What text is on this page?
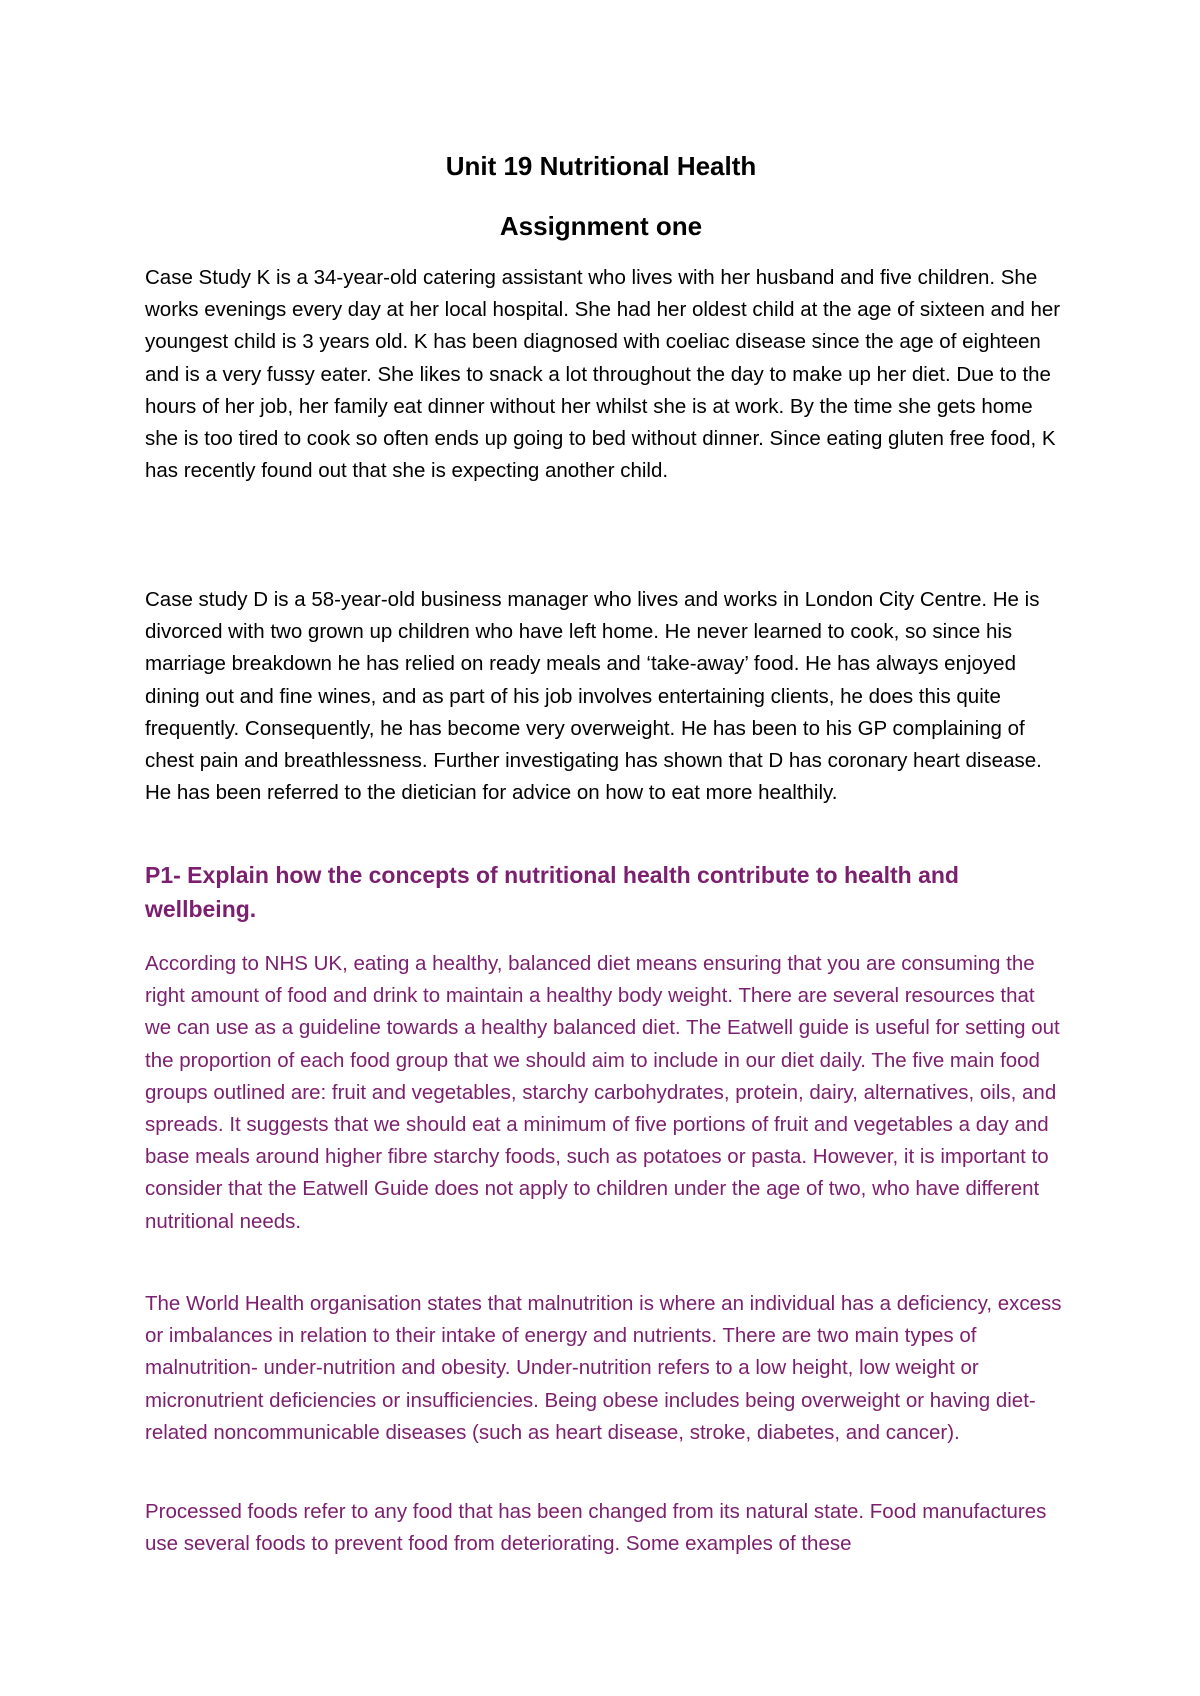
Unit 19 Nutritional Health
Assignment one

Case Study K is a 34-year-old catering assistant who lives with her husband and five children. She works evenings every day at her local hospital. She had her oldest child at the age of sixteen and her youngest child is 3 years old. K has been diagnosed with coeliac disease since the age of eighteen and is a very fussy eater. She likes to snack a lot throughout the day to make up her diet. Due to the hours of her job, her family eat dinner without her whilst she is at work. By the time she gets home she is too tired to cook so often ends up going to bed without dinner. Since eating gluten free food, K has recently found out that she is expecting another child.

Case study D is a 58-year-old business manager who lives and works in London City Centre. He is divorced with two grown up children who have left home. He never learned to cook, so since his marriage breakdown he has relied on ready meals and ‘take-away’ food. He has always enjoyed dining out and fine wines, and as part of his job involves entertaining clients, he does this quite frequently. Consequently, he has become very overweight. He has been to his GP complaining of chest pain and breathlessness. Further investigating has shown that D has coronary heart disease. He has been referred to the dietician for advice on how to eat more healthily.

P1- Explain how the concepts of nutritional health contribute to health and wellbeing.

According to NHS UK, eating a healthy, balanced diet means ensuring that you are consuming the right amount of food and drink to maintain a healthy body weight. There are several resources that we can use as a guideline towards a healthy balanced diet. The Eatwell guide is useful for setting out the proportion of each food group that we should aim to include in our diet daily. The five main food groups outlined are: fruit and vegetables, starchy carbohydrates, protein, dairy, alternatives, oils, and spreads. It suggests that we should eat a minimum of five portions of fruit and vegetables a day and base meals around higher fibre starchy foods, such as potatoes or pasta. However, it is important to consider that the Eatwell Guide does not apply to children under the age of two, who have different nutritional needs.

The World Health organisation states that malnutrition is where an individual has a deficiency, excess or imbalances in relation to their intake of energy and nutrients. There are two main types of malnutrition- under-nutrition and obesity. Under-nutrition refers to a low height, low weight or micronutrient deficiencies or insufficiencies. Being obese includes being overweight or having diet-related noncommunicable diseases (such as heart disease, stroke, diabetes, and cancer).

Processed foods refer to any food that has been changed from its natural state. Food manufactures use several foods to prevent food from deteriorating. Some examples of these
